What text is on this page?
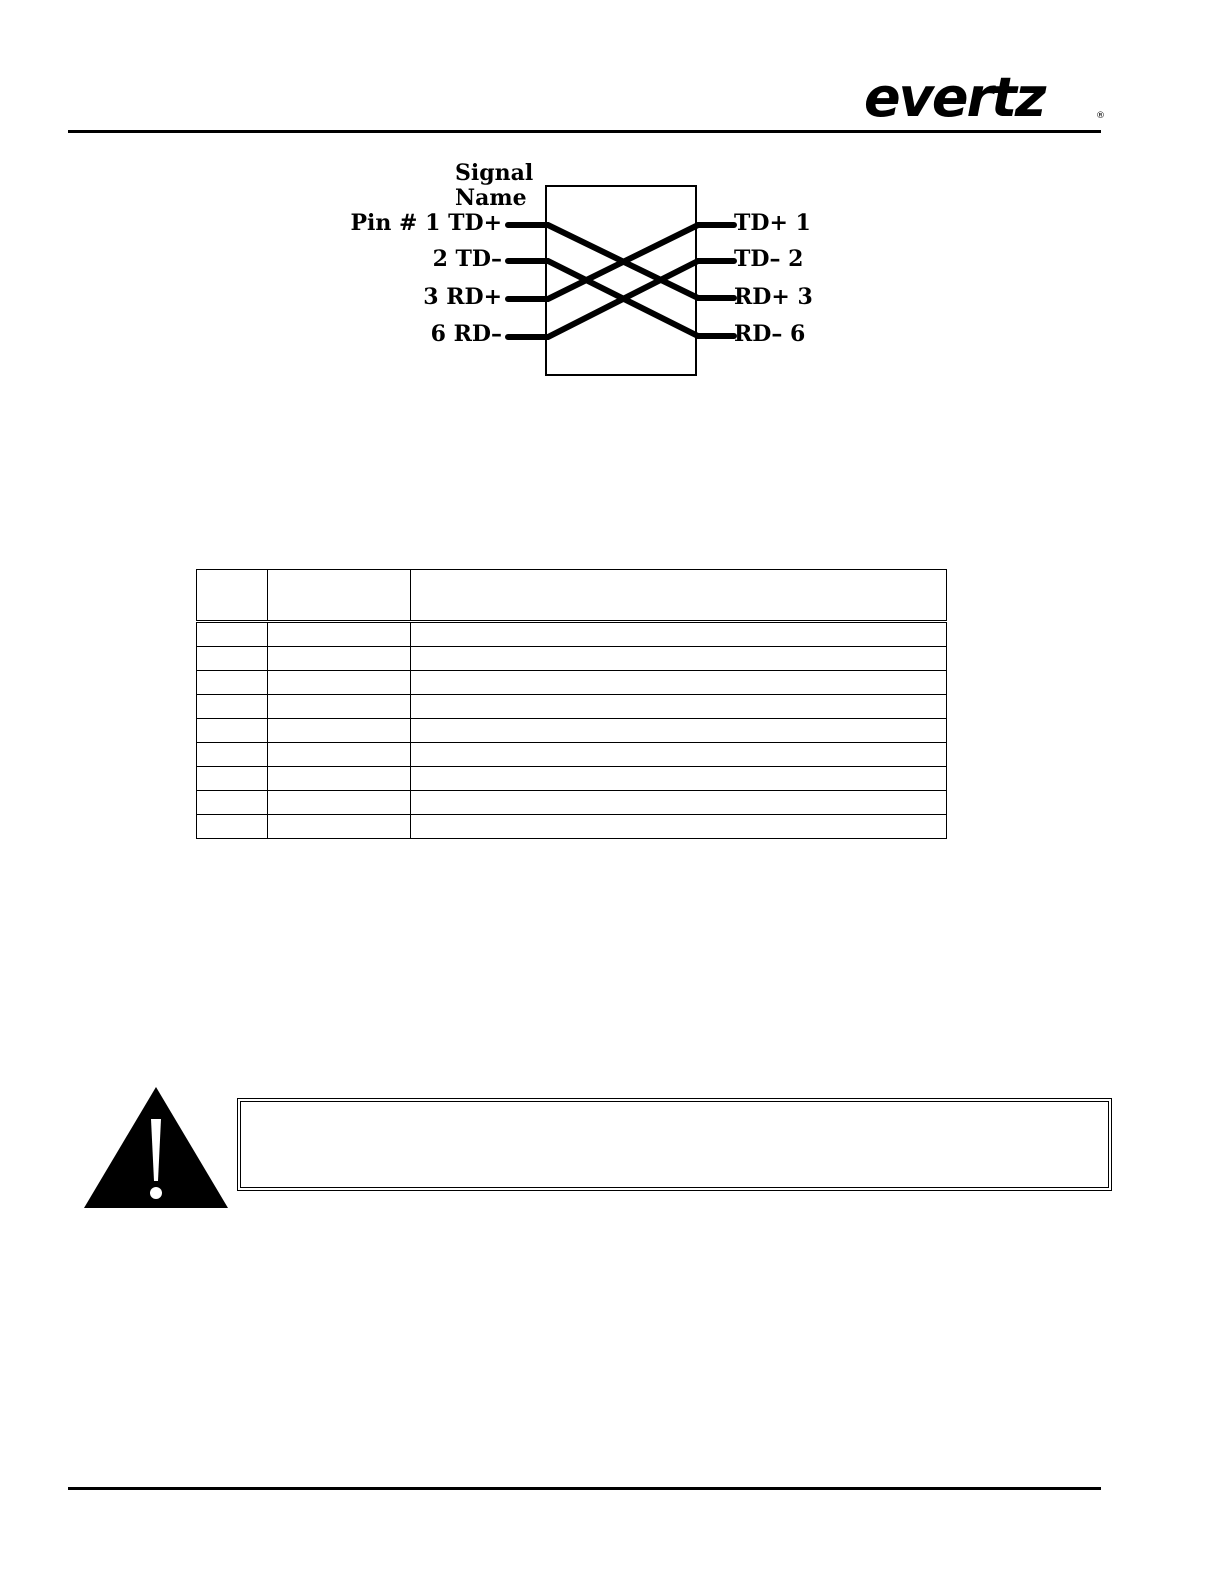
evertz	®
Signal
Name
Pin # 1 TD+
2 TD–
3 RD+
6 RD–
TD+ 1
TD– 2
RD+ 3
RD– 6
